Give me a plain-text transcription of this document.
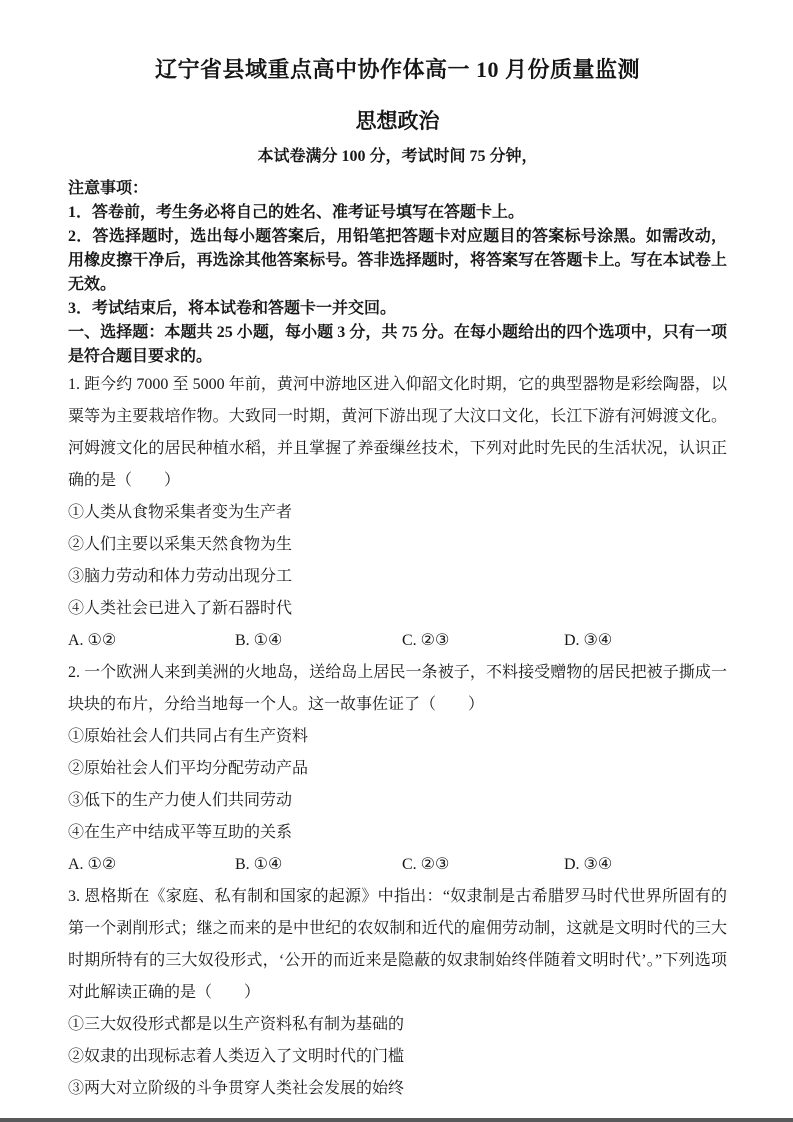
辽宁省县域重点高中协作体高一 10 月份质量监测
思想政治
本试卷满分 100 分，考试时间 75 分钟，
注意事项：

1．答卷前，考生务必将自己的姓名、准考证号填写在答题卡上。

2．答选择题时，选出每小题答案后，用铅笔把答题卡对应题目的答案标号涂黑。如需改动，用橡皮擦干净后，再选涂其他答案标号。答非选择题时，将答案写在答题卡上。写在本试卷上无效。

3．考试结束后，将本试卷和答题卡一并交回。

一、选择题：本题共 25 小题，每小题 3 分，共 75 分。在每小题给出的四个选项中，只有一项是符合题目要求的。

1. 距今约 7000 至 5000 年前，黄河中游地区进入仰韶文化时期，它的典型器物是彩绘陶器，以粟等为主要栽培作物。大致同一时期，黄河下游出现了大汶口文化，长江下游有河姆渡文化。河姆渡文化的居民种植水稻，并且掌握了养蚕缫丝技术，下列对此时先民的生活状况，认识正确的是（　　）

①人类从食物采集者变为生产者

②人们主要以采集天然食物为生

③脑力劳动和体力劳动出现分工

④人类社会已进入了新石器时代

A. ①②	B. ①④	C. ②③	D. ③④

2. 一个欧洲人来到美洲的火地岛，送给岛上居民一条被子，不料接受赠物的居民把被子撕成一块块的布片，分给当地每一个人。这一故事佐证了（　　）

①原始社会人们共同占有生产资料

②原始社会人们平均分配劳动产品

③低下的生产力使人们共同劳动

④在生产中结成平等互助的关系

A. ①②	B. ①④	C. ②③	D. ③④

3. 恩格斯在《家庭、私有制和国家的起源》中指出：“奴隶制是古希腊罗马时代世界所固有的第一个剥削形式；继之而来的是中世纪的农奴制和近代的雇佣劳动制，这就是文明时代的三大时期所特有的三大奴役形式，‘公开的而近来是隐蔽的奴隶制始终伴随着文明时代’。”下列选项对此解读正确的是（　　）

①三大奴役形式都是以生产资料私有制为基础的

②奴隶的出现标志着人类迈入了文明时代的门槛

③两大对立阶级的斗争贯穿人类社会发展的始终
